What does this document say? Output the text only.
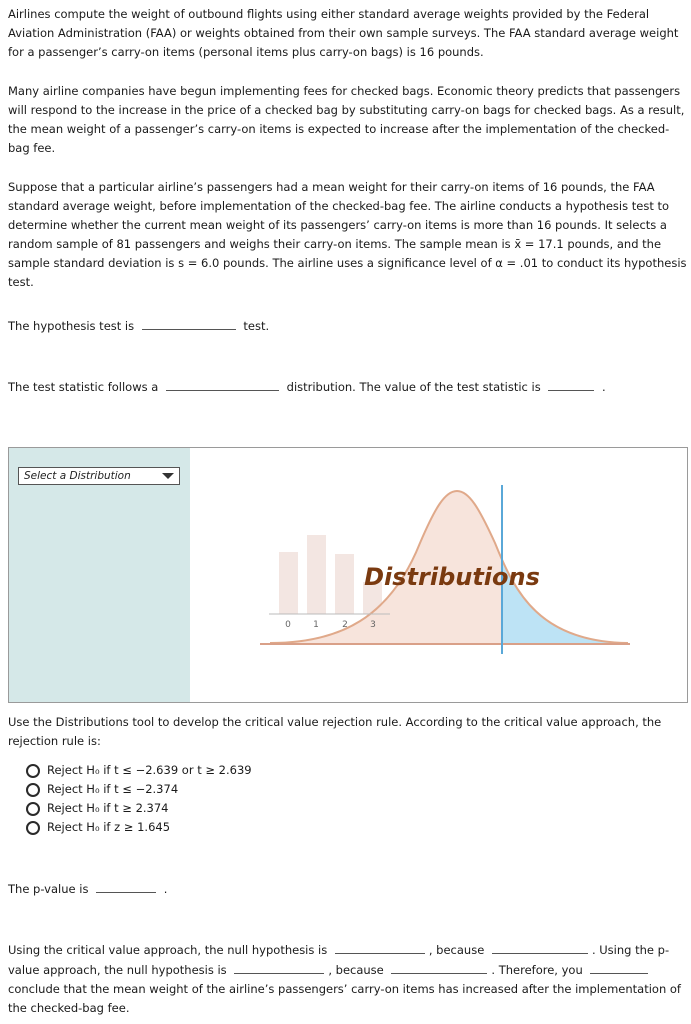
Airlines compute the weight of outbound flights using either standard average weights provided by the Federal Aviation Administration (FAA) or weights obtained from their own sample surveys. The FAA standard average weight for a passenger’s carry-on items (personal items plus carry-on bags) is 16 pounds.

Many airline companies have begun implementing fees for checked bags. Economic theory predicts that passengers will respond to the increase in the price of a checked bag by substituting carry-on bags for checked bags. As a result, the mean weight of a passenger’s carry-on items is expected to increase after the implementation of the checked-bag fee.

Suppose that a particular airline’s passengers had a mean weight for their carry-on items of 16 pounds, the FAA standard average weight, before implementation of the checked-bag fee. The airline conducts a hypothesis test to determine whether the current mean weight of its passengers’ carry-on items is more than 16 pounds. It selects a random sample of 81 passengers and weighs their carry-on items. The sample mean is x̄ = 17.1 pounds, and the sample standard deviation is s = 6.0 pounds. The airline uses a significance level of α = .01 to conduct its hypothesis test.

The hypothesis test is	test.
The test statistic follows a	distribution. The value of the test statistic is	.
Select a Distribution
0 1	2 3
Distributions

Use the Distributions tool to develop the critical value rejection rule. According to the critical value approach, the rejection rule is:

Reject H₀ if t ≤ −2.639 or t ≥ 2.639
Reject H₀ if t ≤ −2.374
Reject H₀ if t ≥ 2.374
Reject H₀ if z ≥ 1.645
The p-value is	.
Using the critical value approach, the null hypothesis is	, because	. Using the p-value approach, the null hypothesis is	, because	. Therefore, you  conclude that the mean weight of the airline’s passengers’ carry-on items has increased after the implementation of the checked-bag fee.
